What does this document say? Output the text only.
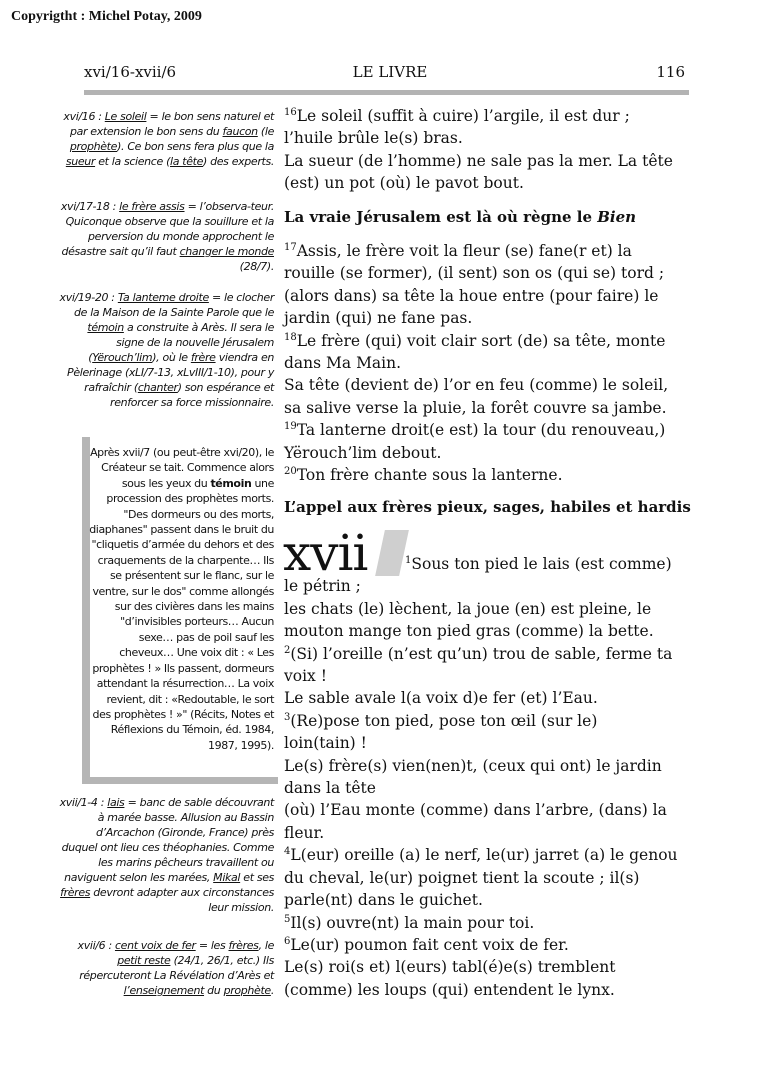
Copyrigtht : Michel Potay, 2009
xvi/16-xvii/6	LE LIVRE	116

xvi/16 : Le soleil = le bon sens naturel et par extension le bon sens du faucon (le prophète). Ce bon sens fera plus que la sueur et la science (la tête) des experts.

xvi/17-18 : le frère assis = l’observa-teur. Quiconque observe que la souillure et la perversion du monde approchent le désastre sait qu’il faut changer le monde (28/7).

xvi/19-20 : Ta lanteme droite = le clocher de la Maison de la Sainte Parole que le témoin a construite à Arès. Il sera le signe de la nouvelle Jérusalem (Yërouch’lim), où le frère viendra en Pèlerinage (xLI/7-13, xLvIII/1-10), pour y rafraîchir (chanter) son espérance et renforcer sa force missionnaire.

Après xvii/7 (ou peut-être xvi/20), le Créateur se tait. Commence alors sous les yeux du témoin une procession des prophètes morts. "Des dormeurs ou des morts, diaphanes" passent dans le bruit du "cliquetis d’armée du dehors et des craquements de la charpente… Ils se présentent sur le flanc, sur le ventre, sur le dos" comme allongés sur des civières dans les mains "d’invisibles porteurs… Aucun sexe… pas de poil sauf les cheveux… Une voix dit : « Les prophètes ! » Ils passent, dormeurs attendant la résurrection… La voix revient, dit : «Redoutable, le sort des prophètes ! »" (Récits, Notes et Réflexions du Témoin, éd. 1984, 1987, 1995).

xvii/1-4 : lais = banc de sable découvrant à marée basse. Allusion au Bassin d’Arcachon (Gironde, France) près duquel ont lieu ces théophanies. Comme les marins pêcheurs travaillent ou naviguent selon les marées, Mikal et ses frères devront adapter aux circonstances leur mission.

xvii/6 : cent voix de fer = les frères, le petit reste (24/1, 26/1, etc.) Ils répercuteront La Révélation d’Arès et l’enseignement du prophète.

$^{16}$Le soleil (suffit à cuire) l’argile, il est dur ;

l’huile brûle le(s) bras.

La sueur (de l’homme) ne sale pas la mer. La tête

(est) un pot (où) le pavot bout.

La vraie Jérusalem est là où règne le Bien

$^{17}$Assis, le frère voit la fleur (se) fane(r et) la

rouille (se former), (il sent) son os (qui se) tord ;

(alors dans) sa tête la houe entre (pour faire) le

jardin (qui) ne fane pas.

$^{18}$Le frère (qui) voit clair sort (de) sa tête, monte

dans Ma Main.

Sa tête (devient de) l’or en feu (comme) le soleil,

sa salive verse la pluie, la forêt couvre sa jambe.

$^{19}$Ta lanterne droit(e est) la tour (du renouveau,)

Yërouch’lim debout.

$^{20}$Ton frère chante sous la lanterne.

L’appel aux frères pieux, sages, habiles et hardis
xvii	$^1$Sous ton pied le lais (est comme)

le pétrin ;

les chats (le) lèchent, la joue (en) est pleine, le

mouton mange ton pied gras (comme) la bette.

$^2$(Si) l’oreille (n’est qu’un) trou de sable, ferme ta

voix !

Le sable avale l(a voix d)e fer (et) l’Eau.

$^3$(Re)pose ton pied, pose ton œil (sur le)

loin(tain) !

Le(s) frère(s) vien(nen)t, (ceux qui ont) le jardin

dans la tête

(où) l’Eau monte (comme) dans l’arbre, (dans) la

fleur.

$^4$L(eur) oreille (a) le nerf, le(ur) jarret (a) le genou

du cheval, le(ur) poignet tient la scoute ; il(s)

parle(nt) dans le guichet.

$^5$Il(s) ouvre(nt) la main pour toi.

$^6$Le(ur) poumon fait cent voix de fer.

Le(s) roi(s et) l(eurs) tabl(é)e(s) tremblent

(comme) les loups (qui) entendent le lynx.
